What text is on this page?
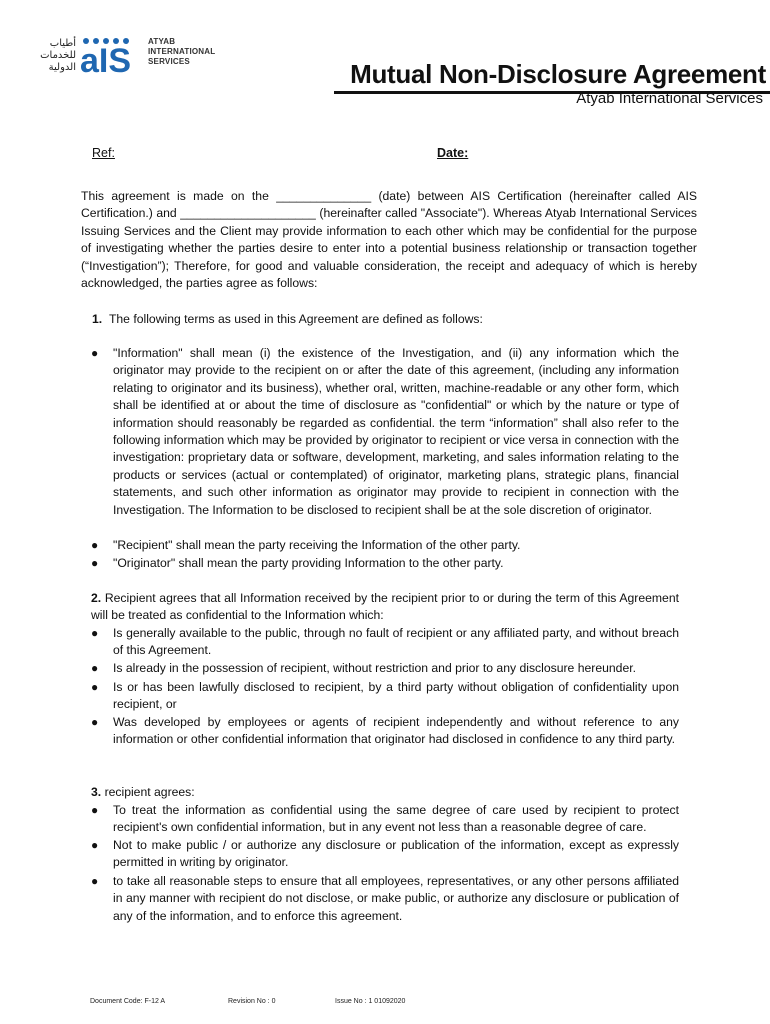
أطياب للخدمات الدولية aIS
ATYAB
INTERNATIONAL
SERVICES	Mutual Non-Disclosure Agreement
Atyab International Services
Ref:	Date:
This agreement is made on the ______________ (date) between AIS Certification (hereinafter called AIS Certification.) and ____________________ (hereinafter called "Associate"). Whereas Atyab International Services Issuing Services and the Client may provide information to each other which may be confidential for the purpose of investigating whether the parties desire to enter into a potential business relationship or transaction together (“Investigation”); Therefore, for good and valuable consideration, the receipt and adequacy of which is hereby acknowledged, the parties agree as follows:
1. The following terms as used in this Agreement are defined as follows:
● "Information" shall mean (i) the existence of the Investigation, and (ii) any information which the originator may provide to the recipient on or after the date of this agreement, (including any information relating to originator and its business), whether oral, written, machine-readable or any other form, which shall be identified at or about the time of disclosure as "confidential" or which by the nature or type of information should reasonably be regarded as confidential. the term “information” shall also refer to the following information which may be provided by originator to recipient or vice versa in connection with the investigation: proprietary data or software, development, marketing, and sales information relating to the products or services (actual or contemplated) of originator, marketing plans, strategic plans, financial statements, and such other information as originator may provide to recipient in connection with the Investigation. The Information to be disclosed to recipient shall be at the sole discretion of originator.
● "Recipient" shall mean the party receiving the Information of the other party.
● "Originator" shall mean the party providing Information to the other party.
2. Recipient agrees that all Information received by the recipient prior to or during the term of this Agreement will be treated as confidential to the Information which:
● Is generally available to the public, through no fault of recipient or any affiliated party, and without breach of this Agreement.
● Is already in the possession of recipient, without restriction and prior to any disclosure hereunder.
● Is or has been lawfully disclosed to recipient, by a third party without obligation of confidentiality upon recipient, or
● Was developed by employees or agents of recipient independently and without reference to any information or other confidential information that originator had disclosed in confidence to any third party.
3. recipient agrees:
● To treat the information as confidential using the same degree of care used by recipient to protect recipient's own confidential information, but in any event not less than a reasonable degree of care.
● Not to make public / or authorize any disclosure or publication of the information, except as expressly permitted in writing by originator.
● to take all reasonable steps to ensure that all employees, representatives, or any other persons affiliated in any manner with recipient do not disclose, or make public, or authorize any disclosure or publication of any of the information, and to enforce this agreement.
Document Code: F-12 A	Revision No : 0	Issue No : 1 01092020
